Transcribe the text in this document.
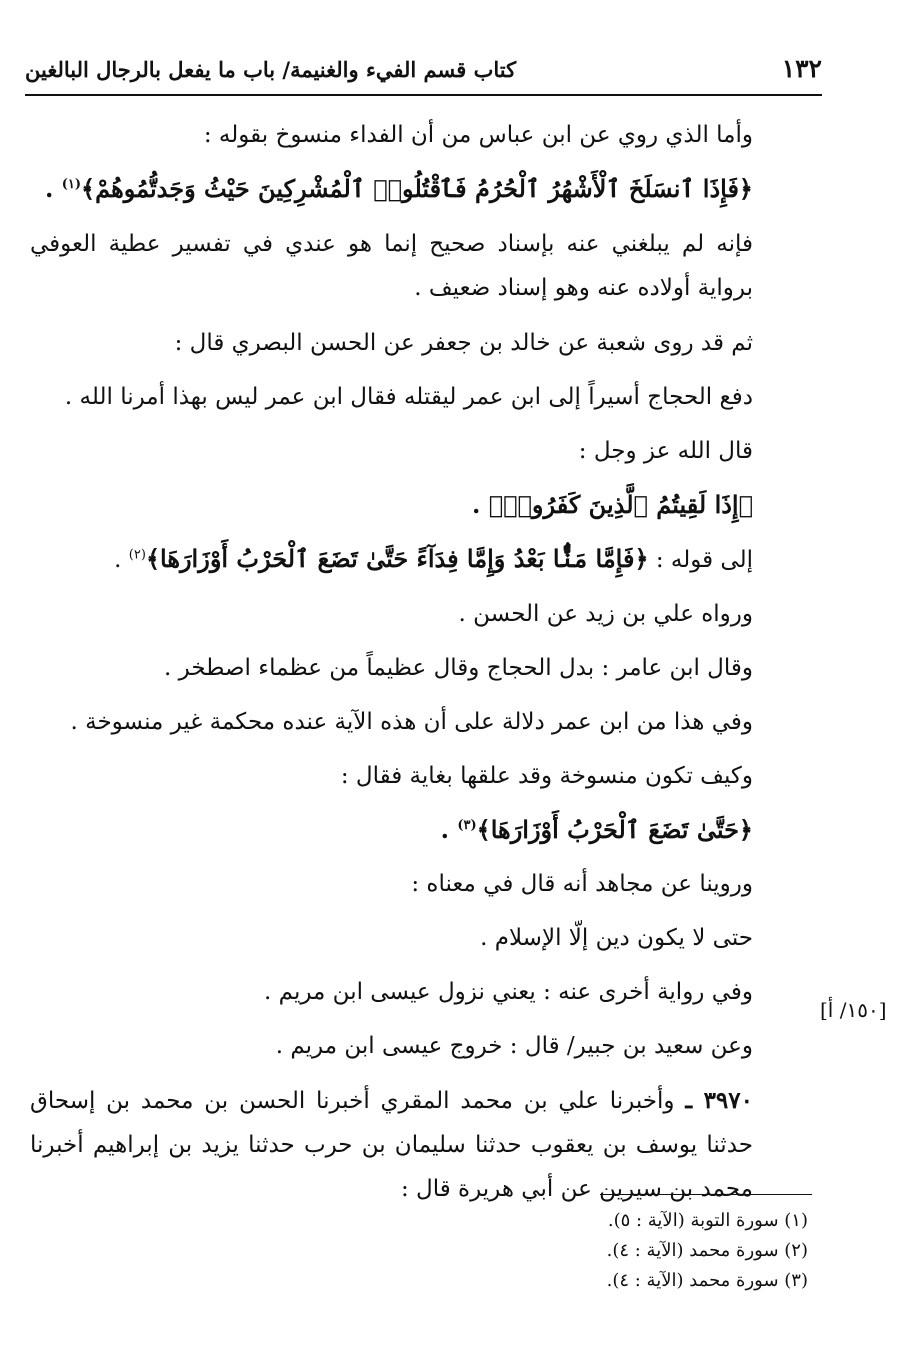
١٣٢
كتاب قسم الفيء والغنيمة/ باب ما يفعل بالرجال البالغين

وأما الذي روي عن ابن عباس من أن الفداء منسوخ بقوله :

﴿فَإِذَا ٱنسَلَخَ ٱلْأَشْهُرُ ٱلْحُرُمُ فَٱقْتُلُوا۟ ٱلْمُشْرِكِينَ حَيْثُ وَجَدتُّمُوهُمْ﴾$^{(١)}$ .

فإنه لم يبلغني عنه بإسناد صحيح إنما هو عندي في تفسير عطية العوفي برواية أولاده عنه وهو إسناد ضعيف .

ثم قد روى شعبة عن خالد بن جعفر عن الحسن البصري قال :

دفع الحجاج أسيراً إلى ابن عمر ليقتله فقال ابن عمر ليس بهذا أمرنا الله .

قال الله عز وجل :

﴿إِذَا لَقِيتُمُ ٱلَّذِينَ كَفَرُوا۟﴾ .

إلى قوله : ﴿فَإِمَّا مَنًّۢا بَعْدُ وَإِمَّا فِدَآءً حَتَّىٰ تَضَعَ ٱلْحَرْبُ أَوْزَارَهَا﴾$^{(٢)}$ .

ورواه علي بن زيد عن الحسن .

وقال ابن عامر : بدل الحجاج وقال عظيماً من عظماء اصطخر .

وفي هذا من ابن عمر دلالة على أن هذه الآية عنده محكمة غير منسوخة .

وكيف تكون منسوخة وقد علقها بغاية فقال :

﴿حَتَّىٰ تَضَعَ ٱلْحَرْبُ أَوْزَارَهَا﴾$^{(٣)}$ .

وروينا عن مجاهد أنه قال في معناه :

حتى لا يكون دين إلّا الإسلام .

وفي رواية أخرى عنه : يعني نزول عيسى ابن مريم .

وعن سعيد بن جبير/ قال : خروج عيسى ابن مريم .

٣٩٧٠ ـ وأخبرنا علي بن محمد المقري أخبرنا الحسن بن محمد بن إسحاق حدثنا يوسف بن يعقوب حدثنا سليمان بن حرب حدثنا يزيد بن إبراهيم أخبرنا محمد بن سيرين عن أبي هريرة قال :

[١٥٠/ أ]
(١) سورة التوبة (الآية : ٥).
(٢) سورة محمد (الآية : ٤).
(٣) سورة محمد (الآية : ٤).
